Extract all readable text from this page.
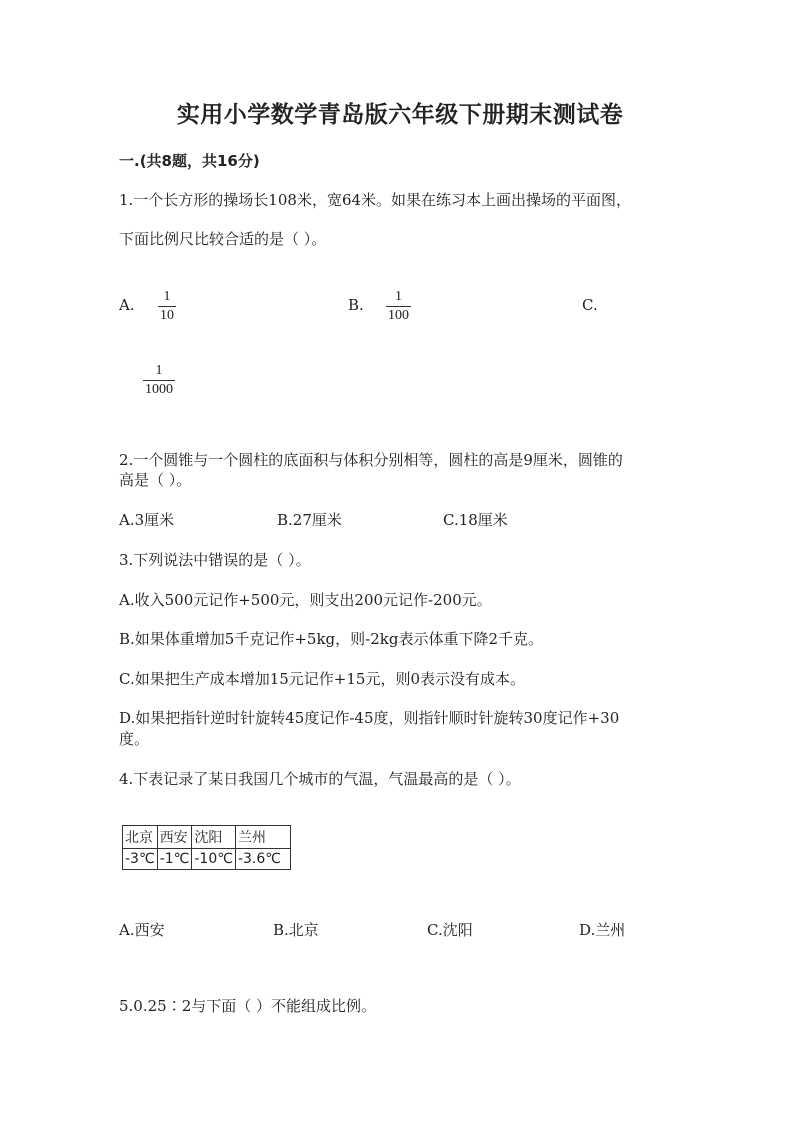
实用小学数学青岛版六年级下册期末测试卷
一.(共8题，共16分)
1.一个长方形的操场长108米，宽64米。如果在练习本上画出操场的平面图，
下面比例尺比较合适的是（ ）。
A. 1
10
B. 1
100
C.
1
1000
2.一个圆锥与一个圆柱的底面积与体积分别相等，圆柱的高是9厘米，圆锥的
高是（ ）。
A.3厘米	B.27厘米	C.18厘米
3.下列说法中错误的是（ ）。
A.收入500元记作+500元，则支出200元记作-200元。
B.如果体重增加5千克记作+5kg，则-2kg表示体重下降2千克。
C.如果把生产成本增加15元记作+15元，则0表示没有成本。
D.如果把指针逆时针旋转45度记作-45度，则指针顺时针旋转30度记作+30
度。
4.下表记录了某日我国几个城市的气温，气温最高的是（ ）。
北京	西安	沈阳	兰州
-3℃	-1℃	-10℃	-3.6℃
A.西安	B.北京	C.沈阳	D.兰州
5.0.25∶2与下面（ ）不能组成比例。
